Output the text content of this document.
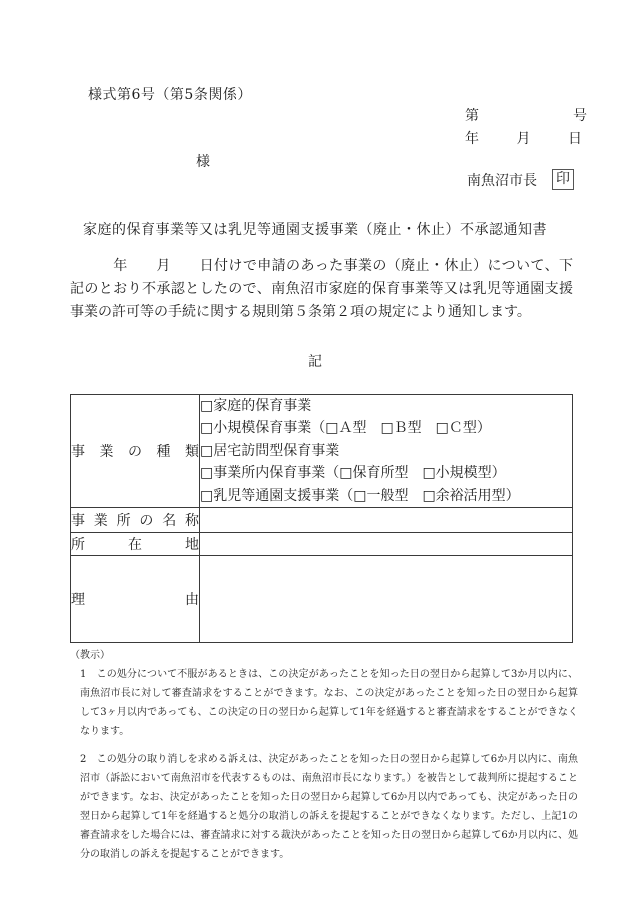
様式第6号（第5条関係）
第	号
年	月	日
様
南魚沼市長 印
家庭的保育事業等又は乳児等通園支援事業（廃止・休止）不承認通知書
　　　年　　月　　日付けで申請のあった事業の（廃止・休止）について、下記のとおり不承認としたので、南魚沼市家庭的保育事業等又は乳児等通園支援事業の許可等の手続に関する規則第５条第２項の規定により通知します。
記
事業の種類	□家庭的保育事業
□小規模保育事業（□Ａ型　□Ｂ型　□Ｃ型）
□居宅訪問型保育事業
□事業所内保育事業（□保育所型　□小規模型）
□乳児等通園支援事業（□一般型　□余裕活用型）

事業所の名称	

所在地	

理由	

（教示）

1　この処分について不服があるときは、この決定があったことを知った日の翌日から起算して3か月以内に、南魚沼市長に対して審査請求をすることができます。なお、この決定があったことを知った日の翌日から起算して3ヶ月以内であっても、この決定の日の翌日から起算して1年を経過すると審査請求をすることができなくなります。

2　この処分の取り消しを求める訴えは、決定があったことを知った日の翌日から起算して6か月以内に、南魚沼市（訴訟において南魚沼市を代表するものは、南魚沼市長になります。）を被告として裁判所に提起することができます。なお、決定があったことを知った日の翌日から起算して6か月以内であっても、決定があった日の翌日から起算して1年を経過すると処分の取消しの訴えを提起することができなくなります。ただし、上記1の審査請求をした場合には、審査請求に対する裁決があったことを知った日の翌日から起算して6か月以内に、処分の取消しの訴えを提起することができます。
